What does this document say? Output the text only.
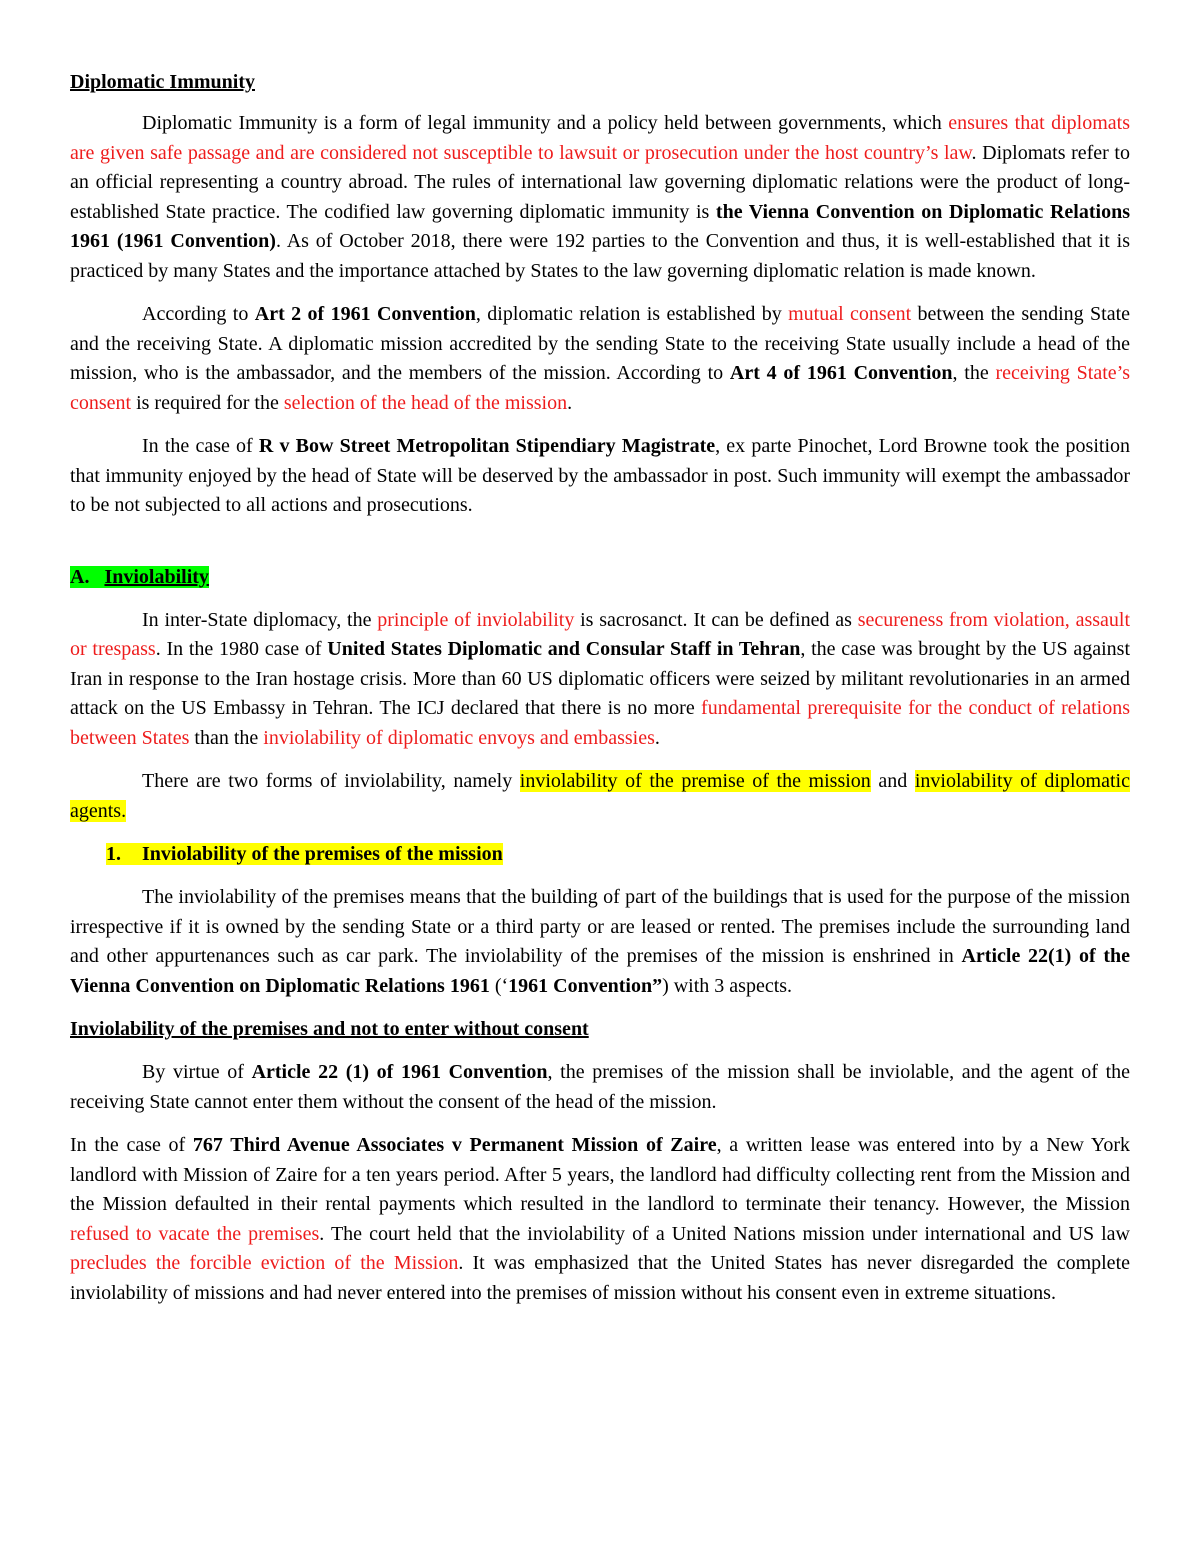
Diplomatic Immunity

Diplomatic Immunity is a form of legal immunity and a policy held between governments, which ensures that diplomats are given safe passage and are considered not susceptible to lawsuit or prosecution under the host country’s law. Diplomats refer to an official representing a country abroad. The rules of international law governing diplomatic relations were the product of long-established State practice. The codified law governing diplomatic immunity is the Vienna Convention on Diplomatic Relations 1961 (1961 Convention). As of October 2018, there were 192 parties to the Convention and thus, it is well-established that it is practiced by many States and the importance attached by States to the law governing diplomatic relation is made known.

According to Art 2 of 1961 Convention, diplomatic relation is established by mutual consent between the sending State and the receiving State. A diplomatic mission accredited by the sending State to the receiving State usually include a head of the mission, who is the ambassador, and the members of the mission. According to Art 4 of 1961 Convention, the receiving State’s consent is required for the selection of the head of the mission.

In the case of R v Bow Street Metropolitan Stipendiary Magistrate, ex parte Pinochet, Lord Browne took the position that immunity enjoyed by the head of State will be deserved by the ambassador in post. Such immunity will exempt the ambassador to be not subjected to all actions and prosecutions.

A. Inviolability

In inter-State diplomacy, the principle of inviolability is sacrosanct. It can be defined as secureness from violation, assault or trespass. In the 1980 case of United States Diplomatic and Consular Staff in Tehran, the case was brought by the US against Iran in response to the Iran hostage crisis. More than 60 US diplomatic officers were seized by militant revolutionaries in an armed attack on the US Embassy in Tehran. The ICJ declared that there is no more fundamental prerequisite for the conduct of relations between States than the inviolability of diplomatic envoys and embassies.

There are two forms of inviolability, namely inviolability of the premise of the mission and inviolability of diplomatic agents.

1. Inviolability of the premises of the mission

The inviolability of the premises means that the building of part of the buildings that is used for the purpose of the mission irrespective if it is owned by the sending State or a third party or are leased or rented. The premises include the surrounding land and other appurtenances such as car park. The inviolability of the premises of the mission is enshrined in Article 22(1) of the Vienna Convention on Diplomatic Relations 1961 (‘1961 Convention”) with 3 aspects.

Inviolability of the premises and not to enter without consent

By virtue of Article 22 (1) of 1961 Convention, the premises of the mission shall be inviolable, and the agent of the receiving State cannot enter them without the consent of the head of the mission.

In the case of 767 Third Avenue Associates v Permanent Mission of Zaire, a written lease was entered into by a New York landlord with Mission of Zaire for a ten years period. After 5 years, the landlord had difficulty collecting rent from the Mission and the Mission defaulted in their rental payments which resulted in the landlord to terminate their tenancy. However, the Mission refused to vacate the premises. The court held that the inviolability of a United Nations mission under international and US law precludes the forcible eviction of the Mission. It was emphasized that the United States has never disregarded the complete inviolability of missions and had never entered into the premises of mission without his consent even in extreme situations.
